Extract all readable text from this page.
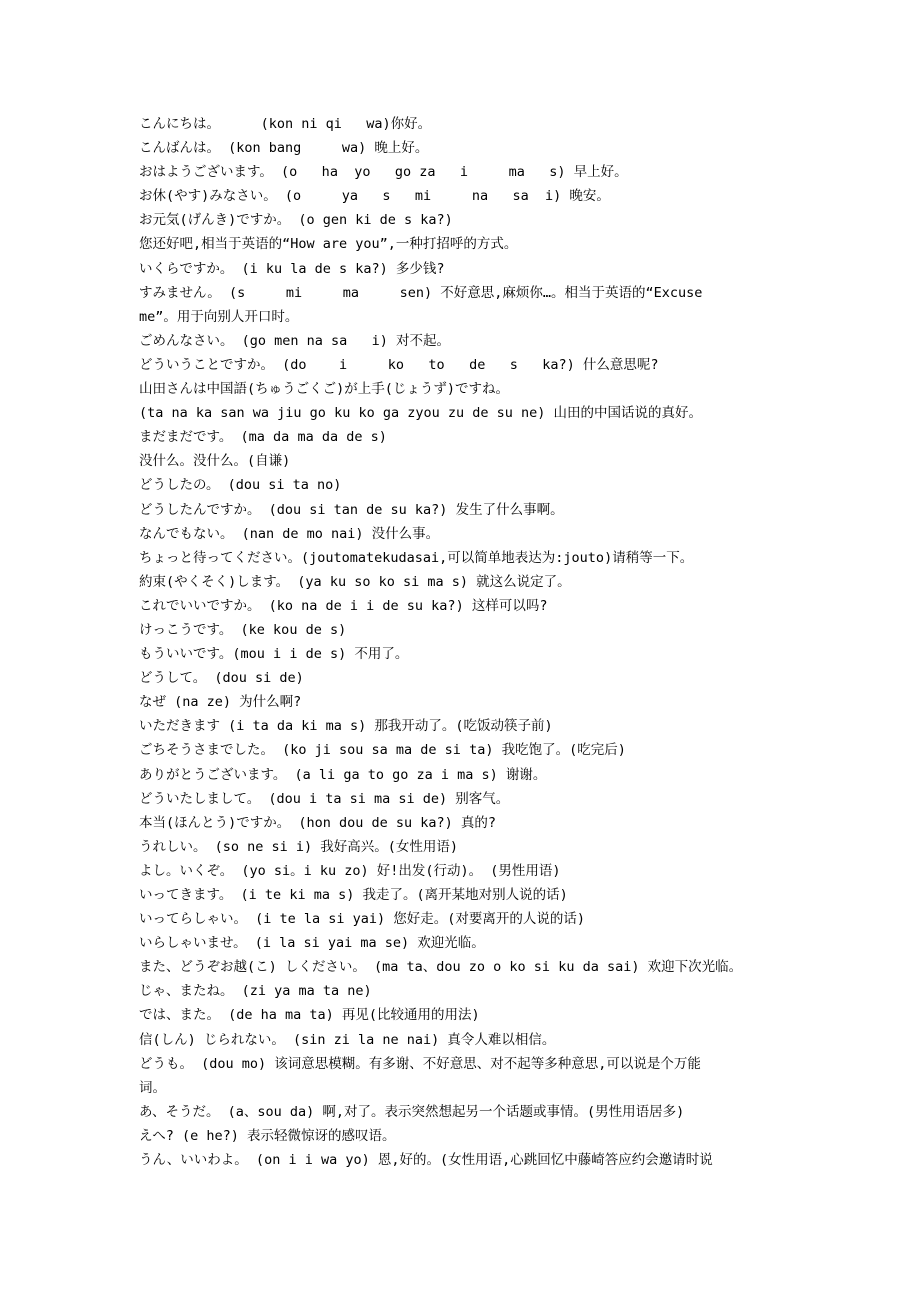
こんにちは。     (kon ni qi   wa)你好。
こんばんは。 (kon bang     wa) 晚上好。
おはようございます。 (o   ha  yo   go za   i     ma   s) 早上好。
お休(やす)みなさい。 (o     ya   s   mi     na   sa  i) 晚安。
お元気(げんき)ですか。 (o gen ki de s ka?)
您还好吧,相当于英语的“How are you”,一种打招呼的方式。
いくらですか。 (i ku la de s ka?) 多少钱?
すみません。 (s     mi     ma     sen) 不好意思,麻烦你…。相当于英语的“Excuse
me”。用于向别人开口时。
ごめんなさい。 (go men na sa   i) 对不起。
どういうことですか。 (do    i     ko   to   de   s   ka?) 什么意思呢?
山田さんは中国語(ちゅうごくご)が上手(じょうず)ですね。
(ta na ka san wa jiu go ku ko ga zyou zu de su ne) 山田的中国话说的真好。
まだまだです。 (ma da ma da de s)
没什么。没什么。(自谦)
どうしたの。 (dou si ta no)
どうしたんですか。 (dou si tan de su ka?) 发生了什么事啊。
なんでもない。 (nan de mo nai) 没什么事。
ちょっと待ってください。(joutomatekudasai,可以简单地表达为:jouto)请稍等一下。
約束(やくそく)します。 (ya ku so ko si ma s) 就这么说定了。
これでいいですか。 (ko na de i i de su ka?) 这样可以吗?
けっこうです。 (ke kou de s)
もういいです。(mou i i de s) 不用了。
どうして。 (dou si de)
なぜ (na ze) 为什么啊?
いただきます (i ta da ki ma s) 那我开动了。(吃饭动筷子前)
ごちそうさまでした。 (ko ji sou sa ma de si ta) 我吃饱了。(吃完后)
ありがとうございます。 (a li ga to go za i ma s) 谢谢。
どういたしまして。 (dou i ta si ma si de) 别客气。
本当(ほんとう)ですか。 (hon dou de su ka?) 真的?
うれしい。 (so ne si i) 我好高兴。(女性用语)
よし。いくぞ。 (yo si。i ku zo) 好!出发(行动)。 (男性用语)
いってきます。 (i te ki ma s) 我走了。(离开某地对别人说的话)
いってらしゃい。 (i te la si yai) 您好走。(对要离开的人说的话)
いらしゃいませ。 (i la si yai ma se) 欢迎光临。
また、どうぞお越(こ) しください。 (ma ta、dou zo o ko si ku da sai) 欢迎下次光临。
じゃ、またね。 (zi ya ma ta ne)
では、また。 (de ha ma ta) 再见(比较通用的用法)
信(しん) じられない。 (sin zi la ne nai) 真令人难以相信。
どうも。 (dou mo) 该词意思模糊。有多谢、不好意思、对不起等多种意思,可以说是个万能
词。
あ、そうだ。 (a、sou da) 啊,对了。表示突然想起另一个话题或事情。(男性用语居多)
えへ? (e he?) 表示轻微惊讶的感叹语。
うん、いいわよ。 (on i i wa yo) 恩,好的。(女性用语,心跳回忆中藤崎答应约会邀请时说
